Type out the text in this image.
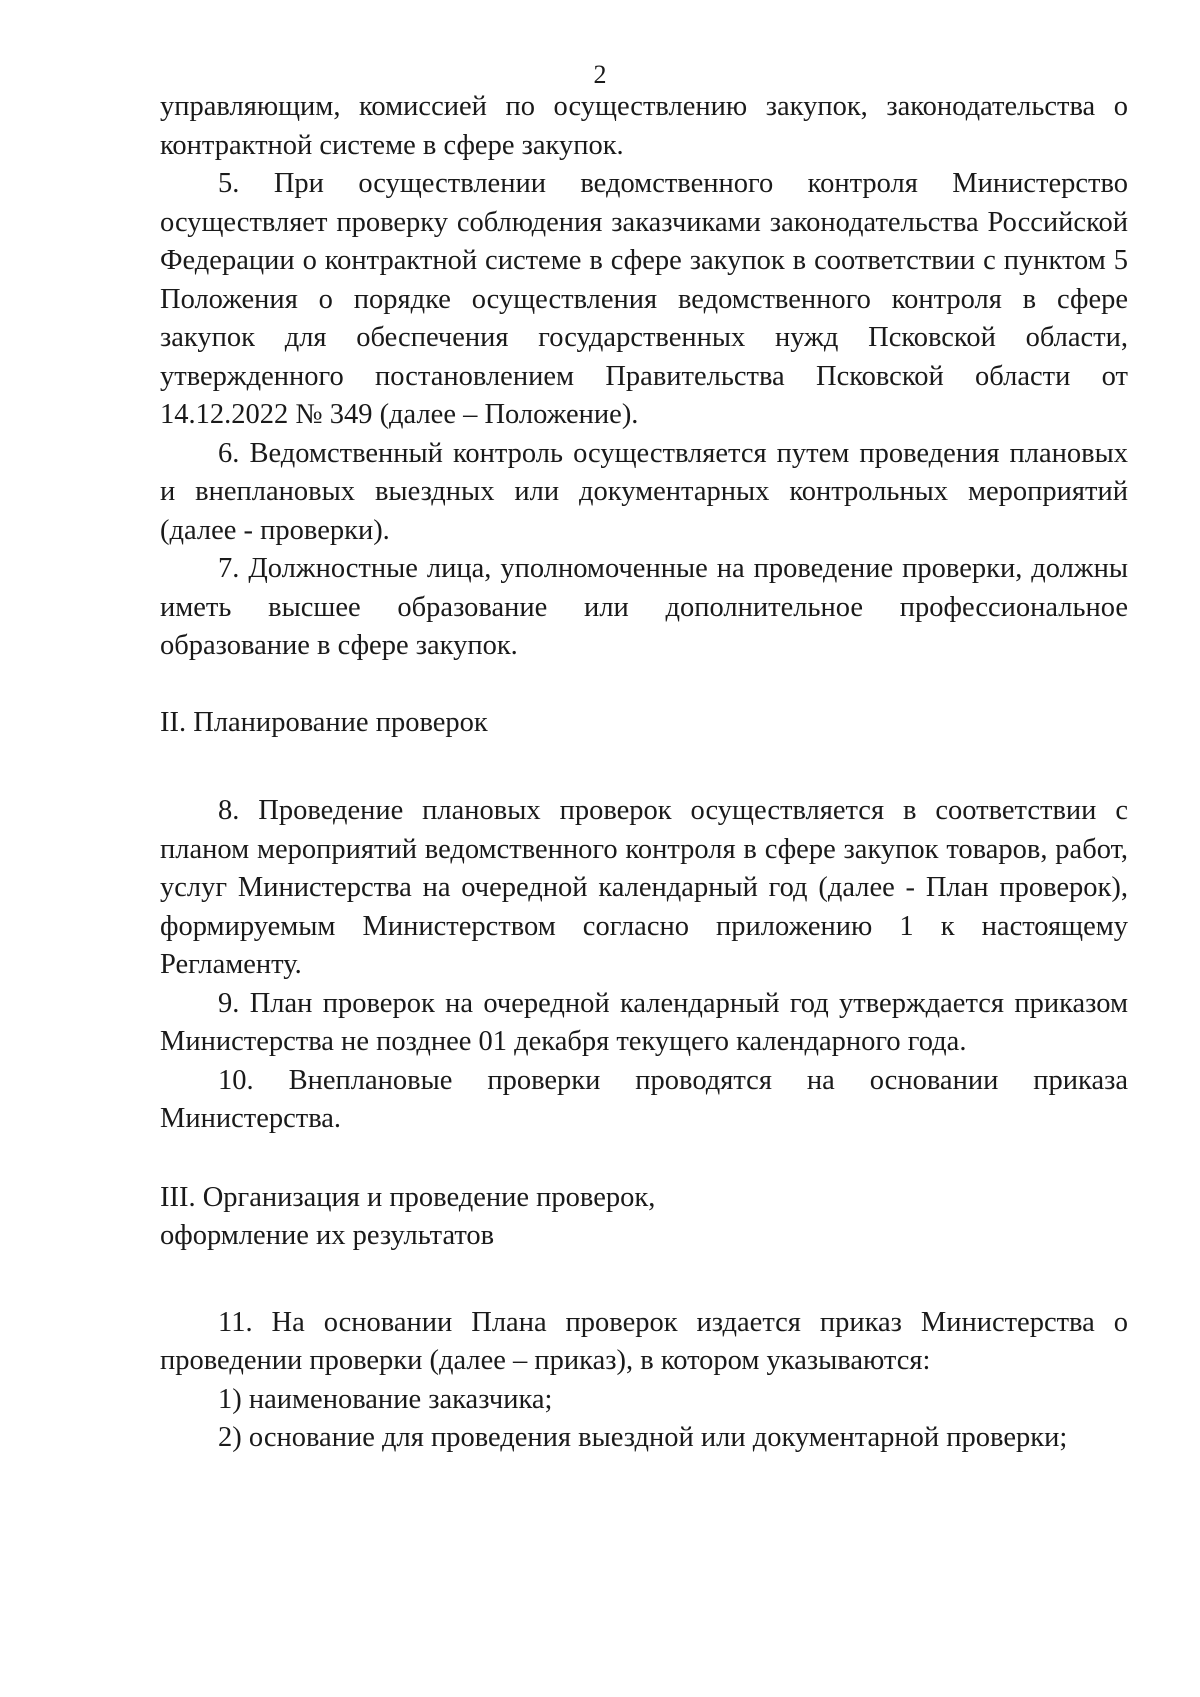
2

управляющим, комиссией по осуществлению закупок, законодательства о контрактной системе в сфере закупок.

5. При осуществлении ведомственного контроля Министерство осуществляет проверку соблюдения заказчиками законодательства Российской Федерации о контрактной системе в сфере закупок в соответствии с пунктом 5 Положения о порядке осуществления ведомственного контроля в сфере закупок для обеспечения государственных нужд Псковской области, утвержденного постановлением Правительства Псковской области от 14.12.2022 № 349 (далее – Положение).

6. Ведомственный контроль осуществляется путем проведения плановых и внеплановых выездных или документарных контрольных мероприятий (далее - проверки).

7. Должностные лица, уполномоченные на проведение проверки, должны иметь высшее образование или дополнительное профессиональное образование в сфере закупок.

II. Планирование проверок

8. Проведение плановых проверок осуществляется в соответствии с планом мероприятий ведомственного контроля в сфере закупок товаров, работ, услуг Министерства на очередной календарный год (далее - План проверок), формируемым Министерством согласно приложению 1 к настоящему Регламенту.

9. План проверок на очередной календарный год утверждается приказом Министерства не позднее 01 декабря текущего календарного года.

10. Внеплановые проверки проводятся на основании приказа Министерства.

III. Организация и проведение проверок,

оформление их результатов

11. На основании Плана проверок издается приказ Министерства о проведении проверки (далее – приказ), в котором указываются:

1) наименование заказчика;

2) основание для проведения выездной или документарной проверки;
